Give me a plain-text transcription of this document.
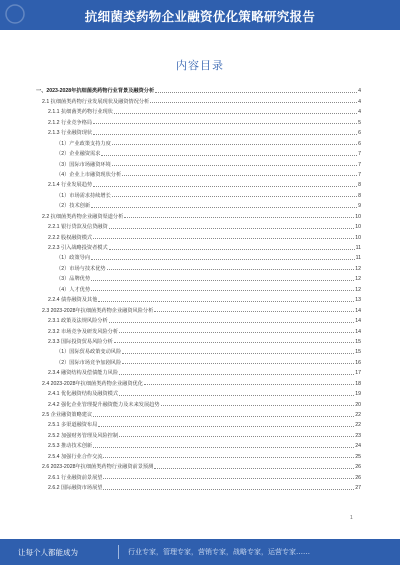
抗细菌类药物企业融资优化策略研究报告
内容目录
一、2023-2028年抗细菌类药物行业背景及融资分析	4
2.1 抗细菌类药物行业发展现状及融资情况分析	4
2.1.1 抗细菌类药物行业现状	4
2.1.2 行业竞争格局	5
2.1.3 行业融资现状	6
（1）产业政策支持力度	6
（2）企业融资需求	7
（3）国际市场融资环境	7
（4）企业上市融资现状分析	7
2.1.4 行业发展趋势	8
（1）市场需求持续增长	8
（2）技术创新	9
2.2 抗细菌类药物企业融资渠道分析	10
2.2.1 银行贷款及信贷融资	10
2.2.2 股权融资模式	10
2.2.3 引入战略投资者模式	11
（1）政策导向	11
（2）市场与技术优势	12
（3）品牌优势	12
（4）人才优势	12
2.2.4 债券融资及其他	13
2.3 2023-2028年抗细菌类药物企业融资风险分析	14
2.3.1 政策及法规风险分析	14
2.3.2 市场竞争及研发风险分析	14
2.3.3 国际投资贸易风险分析	15
（1）国际贸易政策变动风险	15
（2）国际市场竞争加剧风险	16
2.3.4 融资结构及偿债能力风险	17
2.4 2023-2028年抗细菌类药物企业融资优化	18
2.4.1 优化融资结构及融资模式	19
2.4.2 强化企业管理提升融资能力及未来发展趋势	20
2.5 企业融资策略建议	22
2.5.1 多渠道融资布局	22
2.5.2 加强财务管理及风险控制	23
2.5.3 推动技术创新	24
2.5.4 加强行业合作交流	25
2.6 2023-2028年抗细菌类药物行业融资前景预测	26
2.6.1 行业融资前景展望	26
2.6.2 国际融资市场展望	27
1
让每个人都能成为	行业专家，管理专家，营销专家，战略专家，运营专家……
